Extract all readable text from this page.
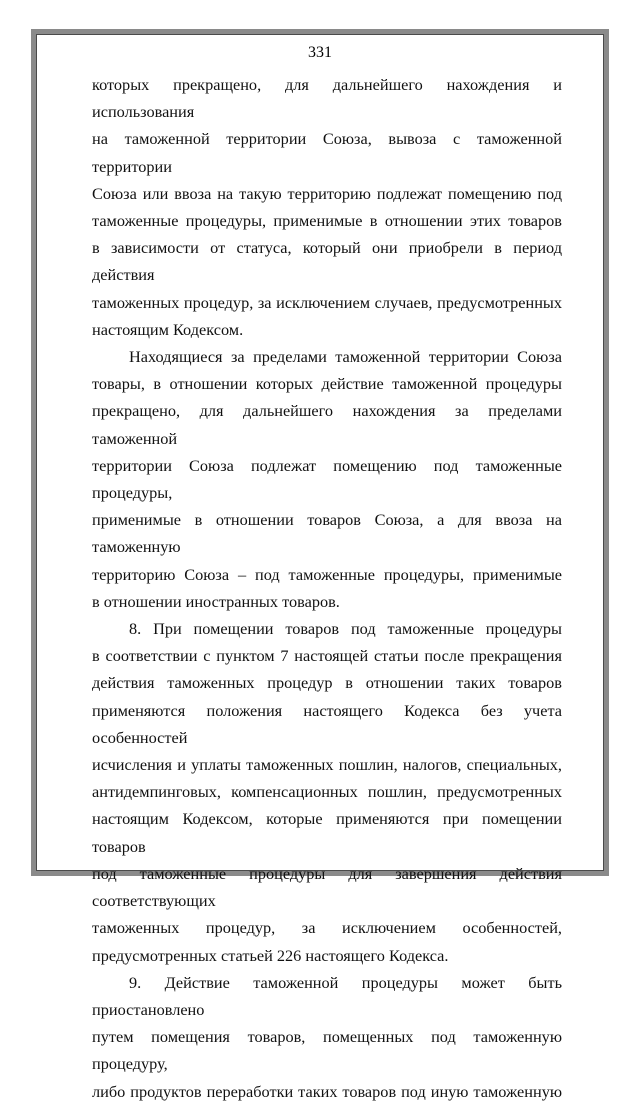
331
которых прекращено, для дальнейшего нахождения и использования
на таможенной территории Союза, вывоза с таможенной территории
Союза или ввоза на такую территорию подлежат помещению под
таможенные процедуры, применимые в отношении этих товаров
в зависимости от статуса, который они приобрели в период действия
таможенных процедур, за исключением случаев, предусмотренных
настоящим Кодексом.
Находящиеся за пределами таможенной территории Союза
товары, в отношении которых действие таможенной процедуры
прекращено, для дальнейшего нахождения за пределами таможенной
территории Союза подлежат помещению под таможенные процедуры,
применимые в отношении товаров Союза, а для ввоза на таможенную
территорию Союза – под таможенные процедуры, применимые
в отношении иностранных товаров.
8. При помещении товаров под таможенные процедуры
в соответствии с пунктом 7 настоящей статьи после прекращения
действия таможенных процедур в отношении таких товаров
применяются положения настоящего Кодекса без учета особенностей
исчисления и уплаты таможенных пошлин, налогов, специальных,
антидемпинговых, компенсационных пошлин, предусмотренных
настоящим Кодексом, которые применяются при помещении товаров
под таможенные процедуры для завершения действия соответствующих
таможенных процедур, за исключением особенностей,
предусмотренных статьей 226 настоящего Кодекса.
9. Действие таможенной процедуры может быть приостановлено
путем помещения товаров, помещенных под таможенную процедуру,
либо продуктов переработки таких товаров под иную таможенную
